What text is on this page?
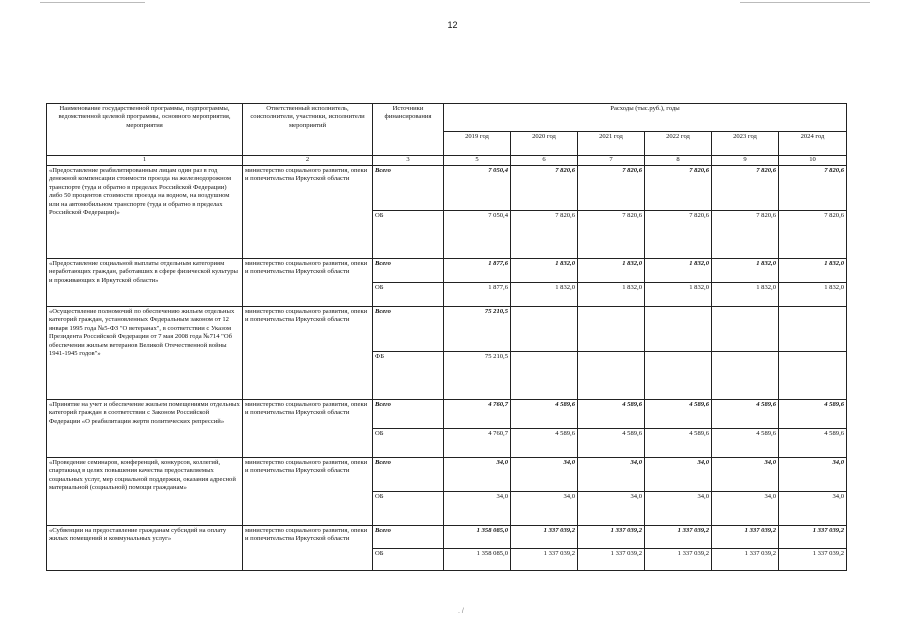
12
Наименование государственной программы, подпрограммы, ведомственной целевой программы, основного мероприятия, мероприятия	Ответственный исполнитель, соисполнители, участники, исполнители мероприятий	Источники финансирования	Расходы (тыс.руб.), годы					
			2019 год	2020 год	2021 год	2022 год	2023 год	2024 год
1	2	3	5	6	7	8	9	10
«Предоставление реабилитированным лицам один раз в год денежной компенсации стоимости проезда на железнодорожном транспорте (туда и обратно в пределах Российской Федерации) либо 50 процентов стоимости проезда на водном, на воздушном или на автомобильном транспорте (туда и обратно в пределах Российской Федерации)»	министерство социального развития, опеки и попечительства Иркутской области	Всего	7 050,4	7 820,6	7 820,6	7 820,6	7 820,6	7 820,6
		ОБ	7 050,4	7 820,6	7 820,6	7 820,6	7 820,6	7 820,6
«Предоставление социальной выплаты отдельным категориям неработающих граждан, работавших в сфере физической культуры и проживающих в Иркутской области»	министерство социального развития, опеки и попечительства Иркутской области	Всего	1 877,6	1 832,0	1 832,0	1 832,0	1 832,0	1 832,0
		ОБ	1 877,6	1 832,0	1 832,0	1 832,0	1 832,0	1 832,0
«Осуществление полномочий по обеспечению жильем отдельных категорий граждан, установленных Федеральным законом от 12 января 1995 года №5-ФЗ "О ветеранах", в соответствии с Указом Президента Российской Федерации от 7 мая 2008 года №714 "Об обеспечении жильем ветеранов Великой Отечественной войны 1941-1945 годов"»	министерство социального развития, опеки и попечительства Иркутской области	Всего	75 210,5					
		ФБ	75 210,5					
«Принятие на учет и обеспечение жильем помещениями отдельных категорий граждан в соответствии с Законом Российской Федерации «О реабилитации жертв политических репрессий»	министерство социального развития, опеки и попечительства Иркутской области	Всего	4 760,7	4 589,6	4 589,6	4 589,6	4 589,6	4 589,6
		ОБ	4 760,7	4 589,6	4 589,6	4 589,6	4 589,6	4 589,6
«Проведение семинаров, конференций, конкурсов, коллегий, спартакиад в целях повышения качества предоставляемых социальных услуг, мер социальной поддержки, оказания адресной материальной (социальной) помощи гражданам»	министерство социального развития, опеки и попечительства Иркутской области	Всего	34,0	34,0	34,0	34,0	34,0	34,0
		ОБ	34,0	34,0	34,0	34,0	34,0	34,0
«Субвенции на предоставление гражданам субсидий на оплату жилых помещений и коммунальных услуг»	министерство социального развития, опеки и попечительства Иркутской области	Всего	1 358 085,0	1 337 039,2	1 337 039,2	1 337 039,2	1 337 039,2	1 337 039,2
		ОБ	1 358 085,0	1 337 039,2	1 337 039,2	1 337 039,2	1 337 039,2	1 337 039,2
. /
